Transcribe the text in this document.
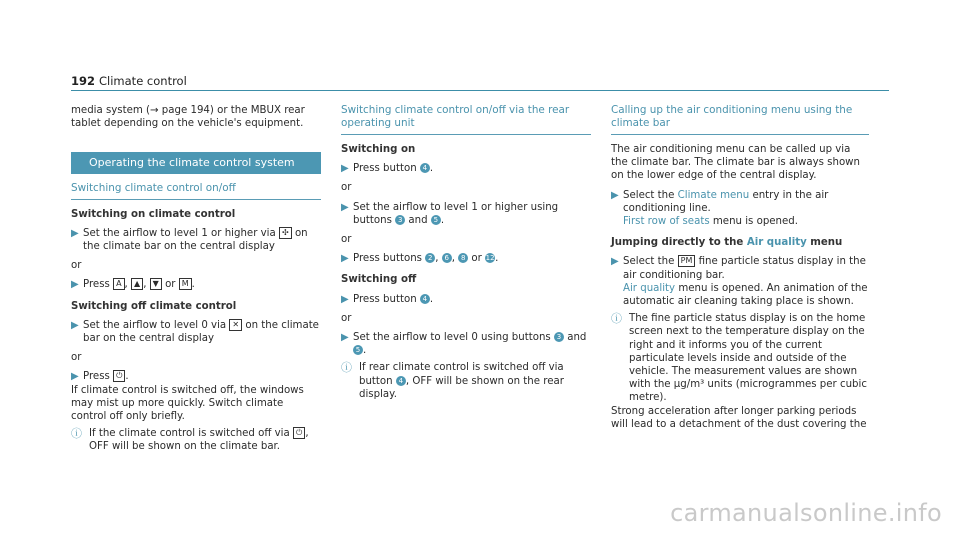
192 Climate control

media system (→ page 194) or the MBUX rear tablet depending on the vehicle's equipment.

Operating the climate control system
Switching climate control on/off
Switching on climate control
▶ Set the airflow to level 1 or higher via ✣ on the climate bar on the central display
or
▶ Press A , ▲ , ▼ or M .
Switching off climate control
▶ Set the airflow to level 0 via ✕ on the climate bar on the central display
or
▶ Press ⏻ .

If climate control is switched off, the windows may mist up more quickly. Switch climate control off only briefly.

ⓘ If the climate control is switched off via ⏻ , OFF will be shown on the climate bar.
Switching climate control on/off via the rear operating unit
Switching on
▶ Press button 4 .
or
▶ Set the airflow to level 1 or higher using buttons 3 and 5 .
or
▶ Press buttons 2 , 6 , 8 or 12.
Switching off
▶ Press button 4 .
or
▶ Set the airflow to level 0 using buttons 3 and 5 .
ⓘ If rear climate control is switched off via button 4 , OFF will be shown on the rear display.
Calling up the air conditioning menu using the climate bar

The air conditioning menu can be called up via the climate bar. The climate bar is always shown on the lower edge of the central display.

▶ Select the Climate menu entry in the air conditioning line.
First row of seats menu is opened.
Jumping directly to the Air quality menu
▶ Select the PM fine particle status display in the air conditioning bar.
Air quality menu is opened. An animation of the automatic air cleaning taking place is shown.
ⓘ The fine particle status display is on the home screen next to the temperature display on the right and it informs you of the current particulate levels inside and outside of the vehicle. The measurement values are shown with the µg/m³ units (microgrammes per cubic metre).

Strong acceleration after longer parking periods will lead to a detachment of the dust covering the

carmanualsonline.info
